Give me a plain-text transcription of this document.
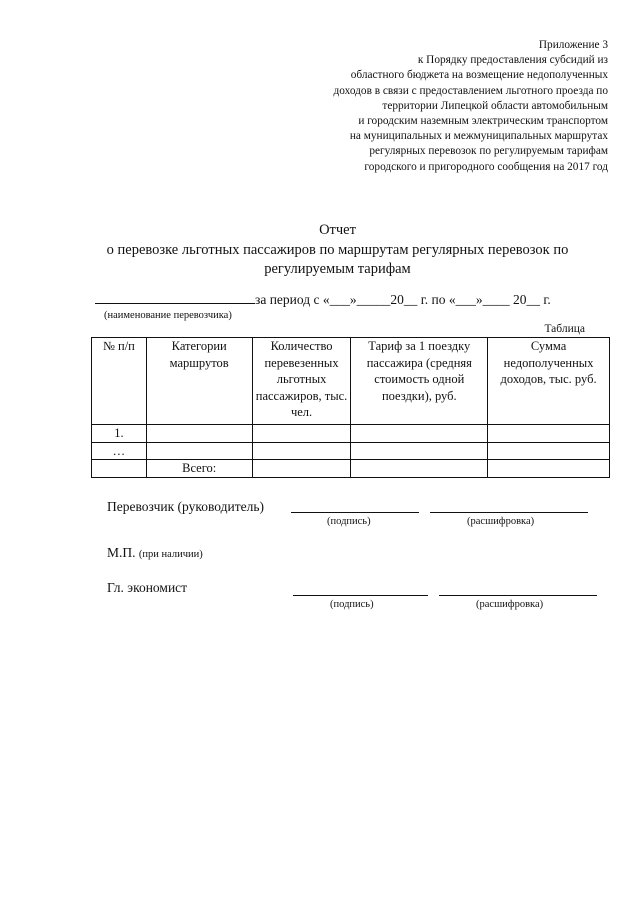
Приложение 3
к Порядку предоставления субсидий из
областного бюджета на возмещение недополученных
доходов в связи с предоставлением льготного проезда по
территории Липецкой области автомобильным
и городским наземным электрическим транспортом
на муниципальных и межмуниципальных маршрутах
регулярных перевозок по регулируемым тарифам
городского и пригородного сообщения на 2017 год
Отчет
о перевозке льготных пассажиров по маршрутам регулярных перевозок по
регулируемым тарифам
за период с «___»_____20__ г. по «___»____ 20__ г.
(наименование перевозчика)
Таблица
№ п/п	Категории маршрутов	Количество перевезенных льготных пассажиров, тыс. чел.	Тариф за 1 поездку пассажира (средняя стоимость одной поездки), руб.	Сумма недополученных доходов, тыс. руб.
1.				
…				
	Всего:			
Перевозчик (руководитель)
(подпись)	(расшифровка)
М.П. (при наличии)
Гл. экономист
(подпись)	(расшифровка)
